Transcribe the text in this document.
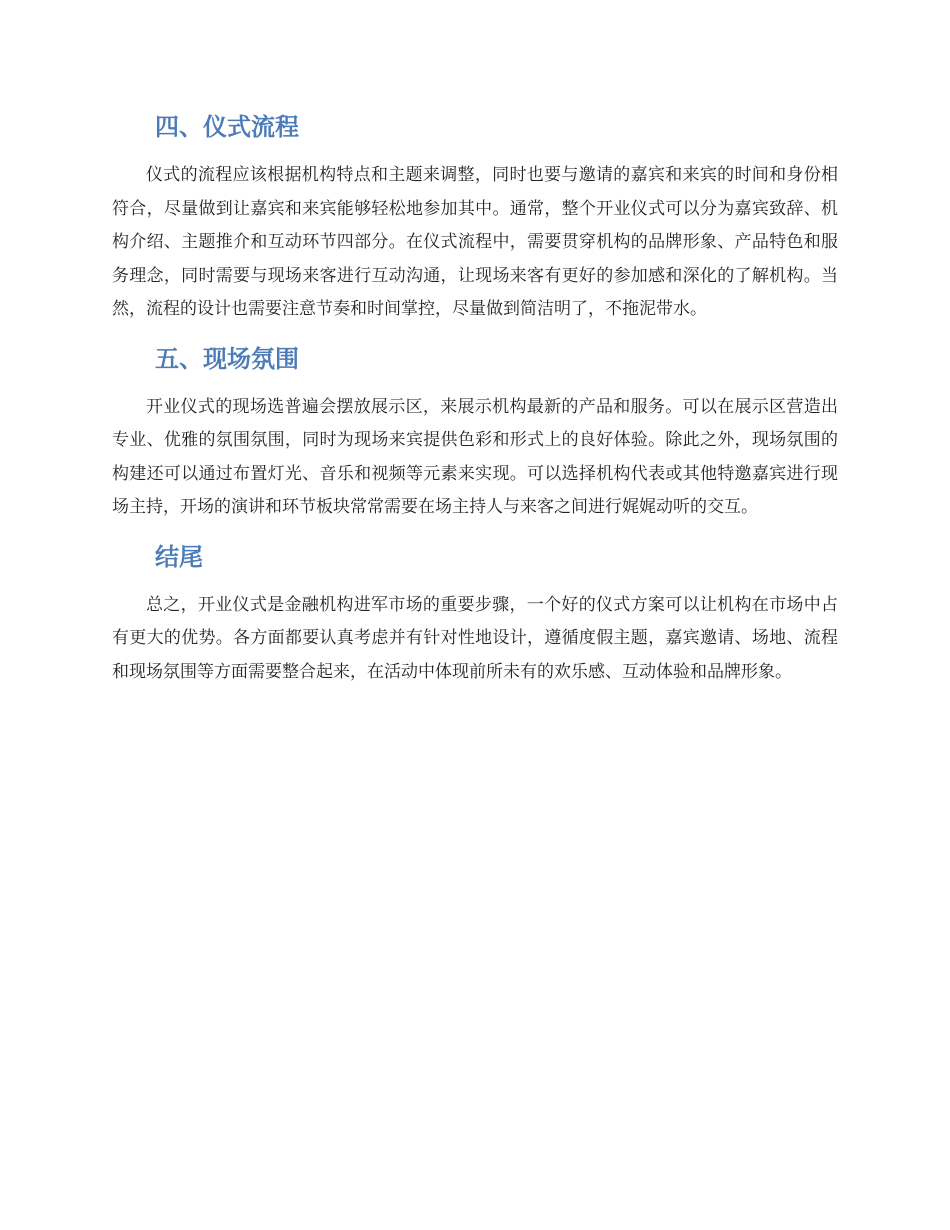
四、仪式流程

仪式的流程应该根据机构特点和主题来调整，同时也要与邀请的嘉宾和来宾的时间和身份相符合，尽量做到让嘉宾和来宾能够轻松地参加其中。通常，整个开业仪式可以分为嘉宾致辞、机构介绍、主题推介和互动环节四部分。在仪式流程中，需要贯穿机构的品牌形象、产品特色和服务理念，同时需要与现场来客进行互动沟通，让现场来客有更好的参加感和深化的了解机构。当然，流程的设计也需要注意节奏和时间掌控，尽量做到简洁明了，不拖泥带水。

五、现场氛围

开业仪式的现场选普遍会摆放展示区，来展示机构最新的产品和服务。可以在展示区营造出专业、优雅的氛围氛围，同时为现场来宾提供色彩和形式上的良好体验。除此之外，现场氛围的构建还可以通过布置灯光、音乐和视频等元素来实现。可以选择机构代表或其他特邀嘉宾进行现场主持，开场的演讲和环节板块常常需要在场主持人与来客之间进行娓娓动听的交互。

结尾

总之，开业仪式是金融机构进军市场的重要步骤，一个好的仪式方案可以让机构在市场中占有更大的优势。各方面都要认真考虑并有针对性地设计，遵循度假主题，嘉宾邀请、场地、流程和现场氛围等方面需要整合起来，在活动中体现前所未有的欢乐感、互动体验和品牌形象。
